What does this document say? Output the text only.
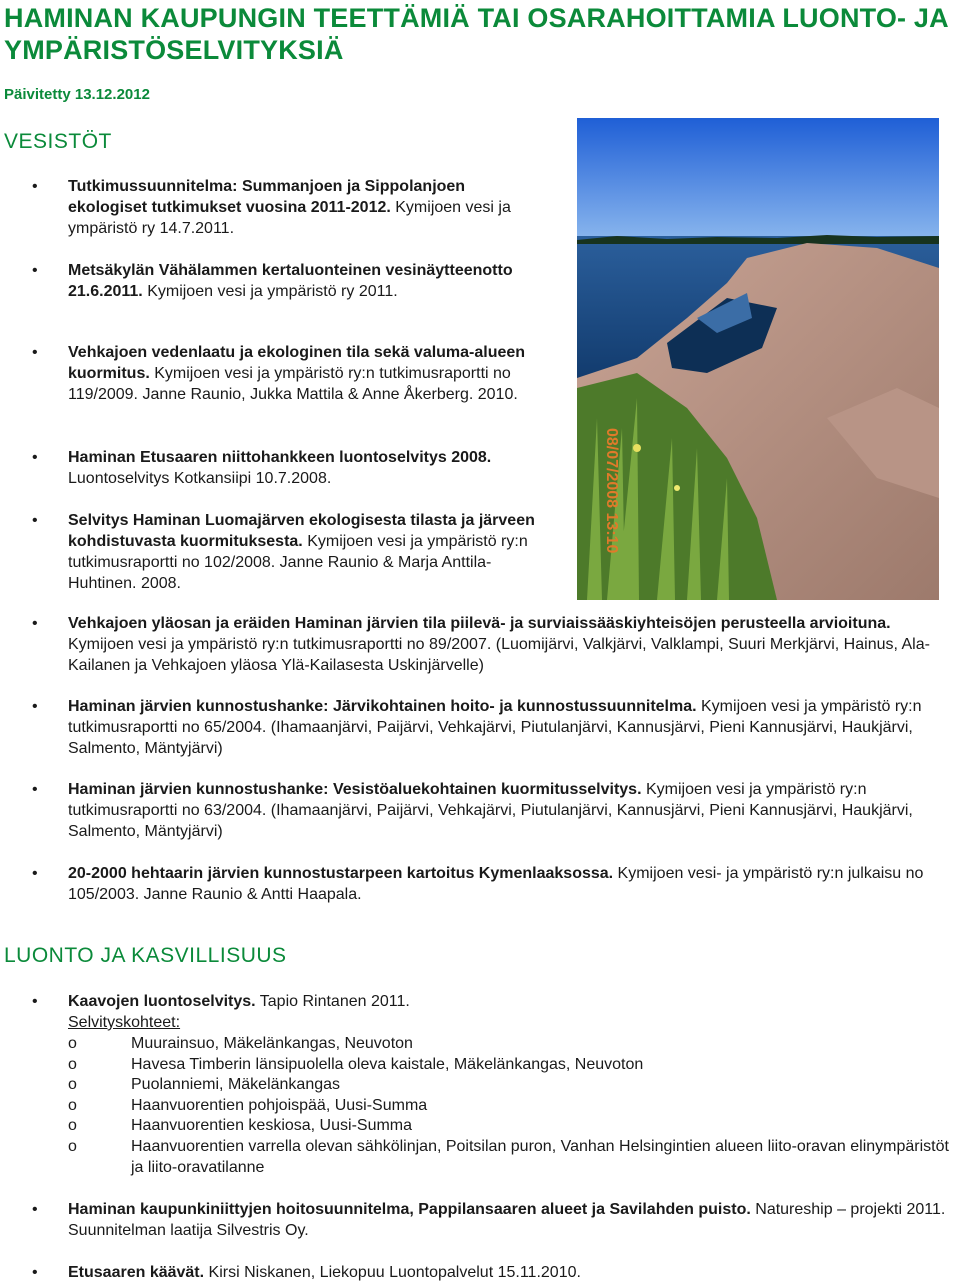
HAMINAN KAUPUNGIN TEETTÄMIÄ TAI OSARAHOITTAMIA LUONTO- JA YMPÄRISTÖSELVITYKSIÄ
Päivitetty 13.12.2012
VESISTÖT
08/07/2008 13:10
• Tutkimussuunnitelma: Summanjoen ja Sippolanjoen ekologiset tutkimukset vuosina 2011-2012. Kymijoen vesi ja ympäristö ry 14.7.2011.
• Metsäkylän Vähälammen kertaluonteinen vesinäytteenotto 21.6.2011. Kymijoen vesi ja ympäristö ry 2011.
• Vehkajoen vedenlaatu ja ekologinen tila sekä valuma-alueen kuormitus. Kymijoen vesi ja ympäristö ry:n tutkimusraportti no 119/2009. Janne Raunio, Jukka Mattila & Anne Åkerberg. 2010.
• Haminan Etusaaren niittohankkeen luontoselvitys 2008. Luontoselvitys Kotkansiipi 10.7.2008.
• Selvitys Haminan Luomajärven ekologisesta tilasta ja järveen kohdistuvasta kuormituksesta. Kymijoen vesi ja ympäristö ry:n tutkimusraportti no 102/2008. Janne Raunio & Marja Anttila-Huhtinen. 2008.
• Vehkajoen yläosan ja eräiden Haminan järvien tila piilevä- ja surviaissääskiyhteisöjen perusteella arvioituna. Kymijoen vesi ja ympäristö ry:n tutkimusraportti no 89/2007. (Luomijärvi, Valkjärvi, Valklampi, Suuri Merkjärvi, Hainus, Ala-Kailanen ja Vehkajoen yläosa Ylä-Kailasesta Uskinjärvelle)
• Haminan järvien kunnostushanke: Järvikohtainen hoito- ja kunnostussuunnitelma. Kymijoen vesi ja ympäristö ry:n tutkimusraportti no 65/2004. (Ihamaanjärvi, Paijärvi, Vehkajärvi, Piutulanjärvi, Kannusjärvi, Pieni Kannusjärvi, Haukjärvi, Salmento, Mäntyjärvi)
• Haminan järvien kunnostushanke: Vesistöaluekohtainen kuormitusselvitys. Kymijoen vesi ja ympäristö ry:n tutkimusraportti no 63/2004. (Ihamaanjärvi, Paijärvi, Vehkajärvi, Piutulanjärvi, Kannusjärvi, Pieni Kannusjärvi, Haukjärvi, Salmento, Mäntyjärvi)
• 20-2000 hehtaarin järvien kunnostustarpeen kartoitus Kymenlaaksossa. Kymijoen vesi- ja ympäristö ry:n julkaisu no 105/2003. Janne Raunio & Antti Haapala.
LUONTO JA KASVILLISUUS
• Kaavojen luontoselvitys. Tapio Rintanen 2011.
Selvityskohteet:
o	Muurainsuo, Mäkelänkangas, Neuvoton
o	Havesa Timberin länsipuolella oleva kaistale, Mäkelänkangas, Neuvoton
o	Puolanniemi, Mäkelänkangas
o	Haanvuorentien pohjoispää, Uusi-Summa
o	Haanvuorentien keskiosa, Uusi-Summa
o	Haanvuorentien varrella olevan sähkölinjan, Poitsilan puron, Vanhan Helsingintien alueen liito-oravan elinympäristöt ja liito-oravatilanne
• Haminan kaupunkiniittyjen hoitosuunnitelma, Pappilansaaren alueet ja Savilahden puisto. Natureship – projekti 2011. Suunnitelman laatija Silvestris Oy.
• Etusaaren käävät. Kirsi Niskanen, Liekopuu Luontopalvelut 15.11.2010.
